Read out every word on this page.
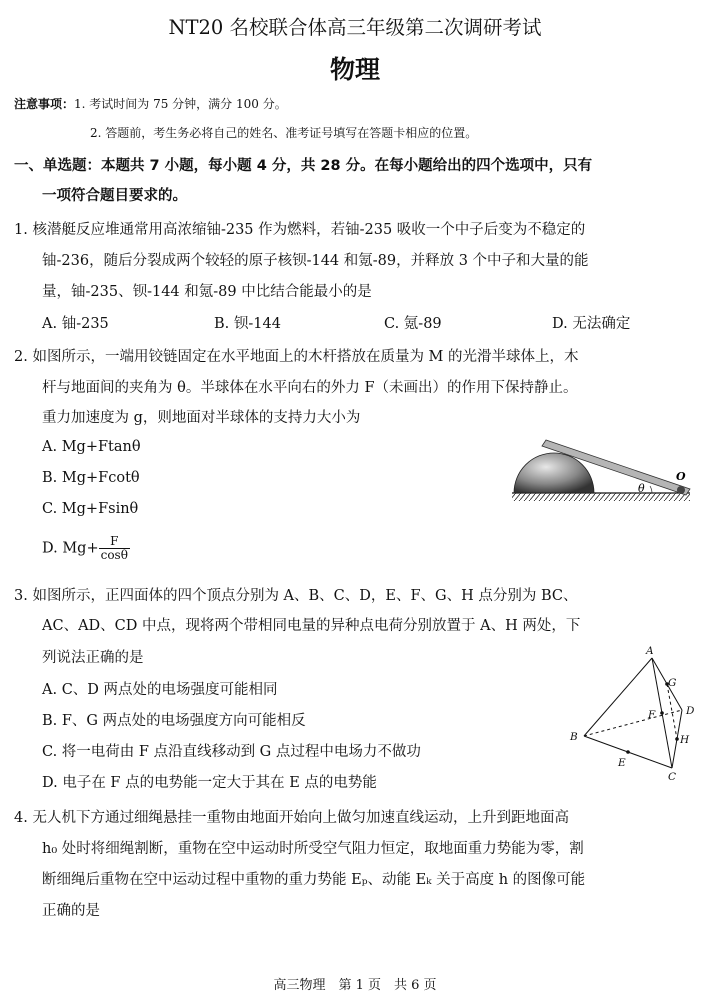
NT20 名校联合体高三年级第二次调研考试
物理
注意事项：1. 考试时间为 75 分钟，满分 100 分。
2. 答题前，考生务必将自己的姓名、准考证号填写在答题卡相应的位置。
一、单选题：本题共 7 小题，每小题 4 分，共 28 分。在每小题给出的四个选项中，只有
一项符合题目要求的。
1. 核潜艇反应堆通常用高浓缩铀-235 作为燃料，若铀-235 吸收一个中子后变为不稳定的
铀-236，随后分裂成两个较轻的原子核钡-144 和氪-89，并释放 3 个中子和大量的能
量，铀-235、钡-144 和氪-89 中比结合能最小的是
A. 铀-235	B. 钡-144	C. 氪-89	D. 无法确定
2. 如图所示，一端用铰链固定在水平地面上的木杆搭放在质量为 M 的光滑半球体上，木
杆与地面间的夹角为 θ。半球体在水平向右的外力 F（未画出）的作用下保持静止。
重力加速度为 g，则地面对半球体的支持力大小为
A. Mg+Ftanθ
B. Mg+Fcotθ
C. Mg+Fsinθ
D. $Mg+ \frac{F}{\cos\theta}$
θ
O
3. 如图所示，正四面体的四个顶点分别为 A、B、C、D，E、F、G、H 点分别为 BC、
AC、AD、CD 中点，现将两个带相同电量的异种点电荷分别放置于 A、H 两处，下
列说法正确的是
A. C、D 两点处的电场强度可能相同
B. F、G 两点处的电场强度方向可能相反
C. 将一电荷由 F 点沿直线移动到 G 点过程中电场力不做功
D. 电子在 F 点的电势能一定大于其在 E 点的电势能
A
B
C
D
E
F
G
H
4. 无人机下方通过细绳悬挂一重物由地面开始向上做匀加速直线运动，上升到距地面高
h₀ 处时将细绳割断，重物在空中运动时所受空气阻力恒定，取地面重力势能为零，割
断细绳后重物在空中运动过程中重物的重力势能 Eₚ、动能 Eₖ 关于高度 h 的图像可能
正确的是
高三物理　第 1 页　共 6 页
